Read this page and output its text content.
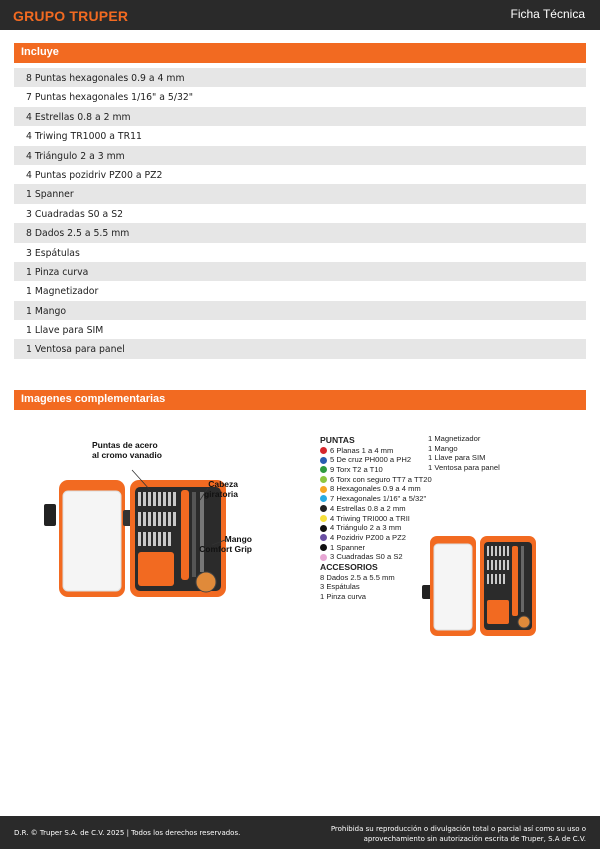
GRUPO TRUPER	Ficha Técnica
Incluye
8 Puntas hexagonales 0.9 a 4 mm
7 Puntas hexagonales 1/16" a 5/32"
4 Estrellas 0.8 a 2 mm
4 Triwing TR1000 a TR11
4 Triángulo 2 a 3 mm
4 Puntas pozidriv PZ00 a PZ2
1 Spanner
3 Cuadradas S0 a S2
8 Dados 2.5 a 5.5 mm
3 Espátulas
1 Pinza curva
1 Magnetizador
1 Mango
1 Llave para SIM
1 Ventosa para panel
Imagenes complementarias
Puntas de acero
al cromo vanadio
Cabeza
giratoria
Mango
Comfort Grip
PUNTAS
6 Planas 1 a 4 mm
5 De cruz PH000 a PH2
9 Torx T2 a T10
6 Torx con seguro TT7 a TT20
8 Hexagonales 0.9 a 4 mm
7 Hexagonales 1/16" a 5/32"
4 Estrellas 0.8 a 2 mm
4 Triwing TRI000 a TRII
4 Triángulo 2 a 3 mm
4 Pozidriv PZ00 a PZ2
1 Spanner
3 Cuadradas S0 a S2
ACCESORIOS
8 Dados 2.5 a 5.5 mm
3 Espátulas
1 Pinza curva
1 Magnetizador
1 Mango
1 Llave para SIM
1 Ventosa para panel
D.R. © Truper S.A. de C.V. 2025 | Todos los derechos reservados.	Prohibida su reproducción o divulgación total o parcial así como su uso o
aprovechamiento sin autorización escrita de Truper, S.A de C.V.
